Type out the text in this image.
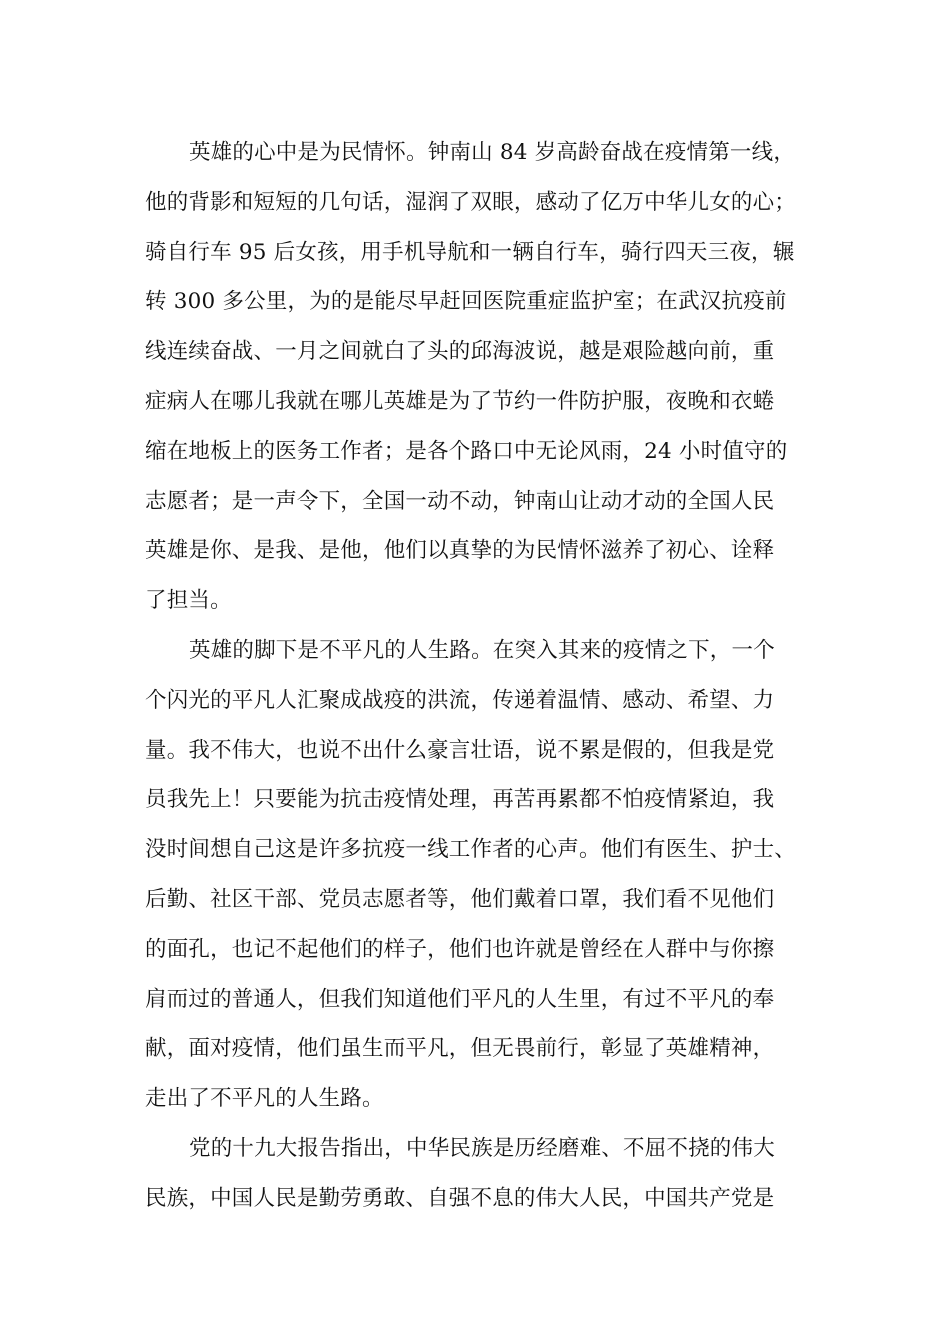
英雄的心中是为民情怀。钟南山 84 岁高龄奋战在疫情第一线，
他的背影和短短的几句话，湿润了双眼，感动了亿万中华儿女的心；
骑自行车 95 后女孩，用手机导航和一辆自行车，骑行四天三夜，辗
转 300 多公里，为的是能尽早赶回医院重症监护室；在武汉抗疫前
线连续奋战、一月之间就白了头的邱海波说，越是艰险越向前，重
症病人在哪儿我就在哪儿英雄是为了节约一件防护服，夜晚和衣蜷
缩在地板上的医务工作者；是各个路口中无论风雨，24 小时值守的
志愿者；是一声令下，全国一动不动，钟南山让动才动的全国人民
英雄是你、是我、是他，他们以真挚的为民情怀滋养了初心、诠释
了担当。
英雄的脚下是不平凡的人生路。在突入其来的疫情之下，一个
个闪光的平凡人汇聚成战疫的洪流，传递着温情、感动、希望、力
量。我不伟大，也说不出什么豪言壮语，说不累是假的，但我是党
员我先上！只要能为抗击疫情处理，再苦再累都不怕疫情紧迫，我
没时间想自己这是许多抗疫一线工作者的心声。他们有医生、护士、
后勤、社区干部、党员志愿者等，他们戴着口罩，我们看不见他们
的面孔，也记不起他们的样子，他们也许就是曾经在人群中与你擦
肩而过的普通人，但我们知道他们平凡的人生里，有过不平凡的奉
献，面对疫情，他们虽生而平凡，但无畏前行，彰显了英雄精神，
走出了不平凡的人生路。
党的十九大报告指出，中华民族是历经磨难、不屈不挠的伟大
民族，中国人民是勤劳勇敢、自强不息的伟大人民，中国共产党是
